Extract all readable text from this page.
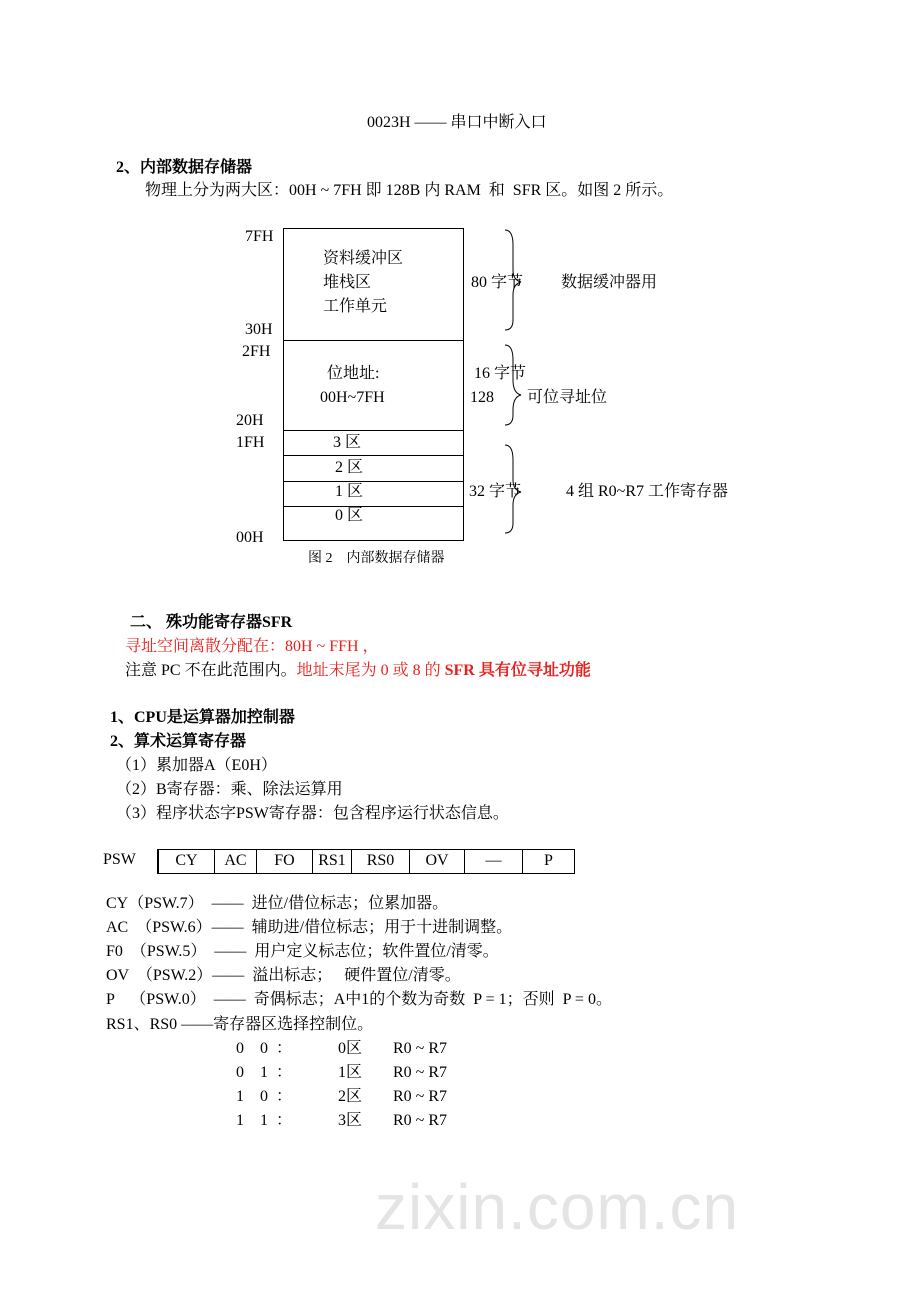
zixin.com.cn
0023H —— 串口中断入口
2、内部数据存储器
物理上分为两大区：00H ~ 7FH 即 128B 内 RAM  和  SFR 区。如图 2 所示。
7FH
30H
2FH
20H
1FH
00H
资料缓冲区
堆栈区
工作单元
位地址:
00H~7FH
3 区
2 区
1 区
0 区
80 字节 数据缓冲器用
16 字节
128 可位寻址位
32 字节	4 组 R0~R7 工作寄存器
图 2    内部数据存储器
二、 殊功能寄存器SFR
寻址空间离散分配在：80H ~ FFH ，
注意 PC 不在此范围内。地址末尾为 0 或 8 的 SFR 具有位寻址功能
1、CPU是运算器加控制器
2、算术运算寄存器
（1）累加器A（E0H）
（2）B寄存器：乘、除法运算用
（3）程序状态字PSW寄存器：包含程序运行状态信息。
PSW	CY	AC	FO	RS1	RS0	OV	—	P
CY（PSW.7）  ——  进位/借位标志；位累加器。
AC  （PSW.6）——  辅助进/借位标志；用于十进制调整。
F0  （PSW.5）  ——  用户定义标志位；软件置位/清零。
OV  （PSW.2）——  溢出标志；   硬件置位/清零。
P    （PSW.0）  ——  奇偶标志；A中1的个数为奇数  P = 1；否则  P = 0。
RS1、RS0 ——寄存器区选择控制位。
0    0  ：	0区 R0 ~ R7
0    1  ：	1区 R0 ~ R7
1    0  ：	2区 R0 ~ R7
1    1  ：	3区 R0 ~ R7
